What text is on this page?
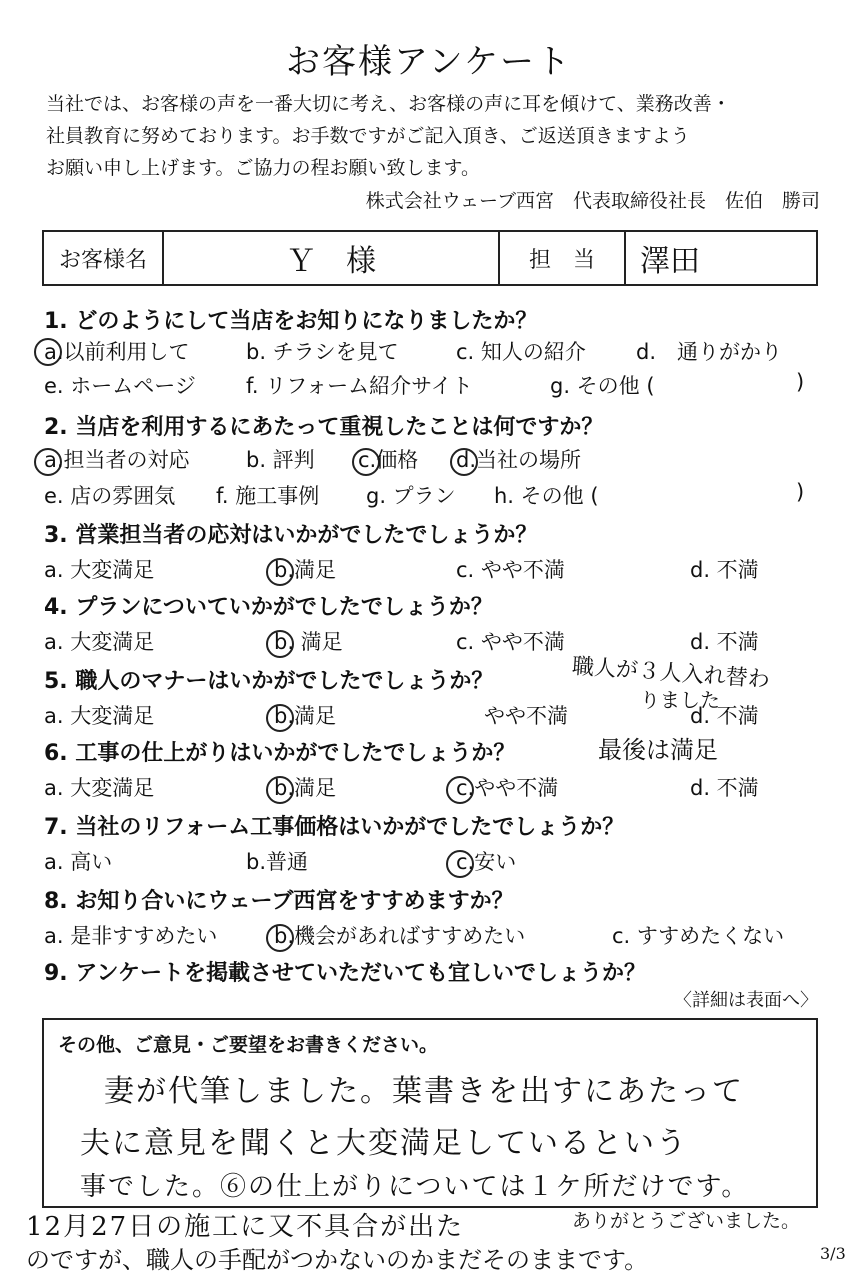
お客様アンケート
当社では、お客様の声を一番大切に考え、お客様の声に耳を傾けて、業務改善・
社員教育に努めております。お手数ですがご記入頂き、ご返送頂きますよう
お願い申し上げます。ご協力の程お願い致します。
株式会社ウェーブ西宮　代表取締役社長　佐伯　勝司
お客様名	Ｙ　様	担　当	澤田
1. どのようにして当店をお知りになりましたか？
a.以前利用して	b. チラシを見て	c. 知人の紹介 d.　通りがかり
e. ホームページ f. リフォーム紹介サイト	g. その他 (	)
2. 当店を利用するにあたって重視したことは何ですか？
a.担当者の対応	b. 評判 c.価格 d.当社の場所
e. 店の雰囲気 f. 施工事例 g. プラン h. その他 (	)
3. 営業担当者の応対はいかがでしたでしょうか？
a. 大変満足	b.満足	c. やや不満	d. 不満
4. プランについていかがでしたでしょうか？
a. 大変満足	b. 満足	c. やや不満	d. 不満
5. 職人のマナーはいかがでしたでしょうか？	職人が３人入れ替わ
りました
a. 大変満足	b.満足	やや不満	d. 不満
6. 工事の仕上がりはいかがでしたでしょうか？	最後は満足
a. 大変満足	b.満足	c.やや不満	d. 不満
7. 当社のリフォーム工事価格はいかがでしたでしょうか？
a. 高い	b.普通	c.安い
8. お知り合いにウェーブ西宮をすすめますか？
a. 是非すすめたい	b.機会があればすすめたい	c. すすめたくない
9. アンケートを掲載させていただいても宜しいでしょうか？
〈詳細は表面へ〉
その他、ご意見・ご要望をお書きください。
妻が代筆しました。葉書きを出すにあたって
夫に意見を聞くと大変満足しているという
事でした。⑥の仕上がりについては１ケ所だけです。
12月27日の施工に又不具合が出た	ありがとうございました。
のですが、職人の手配がつかないのかまだそのままです。	3/3
